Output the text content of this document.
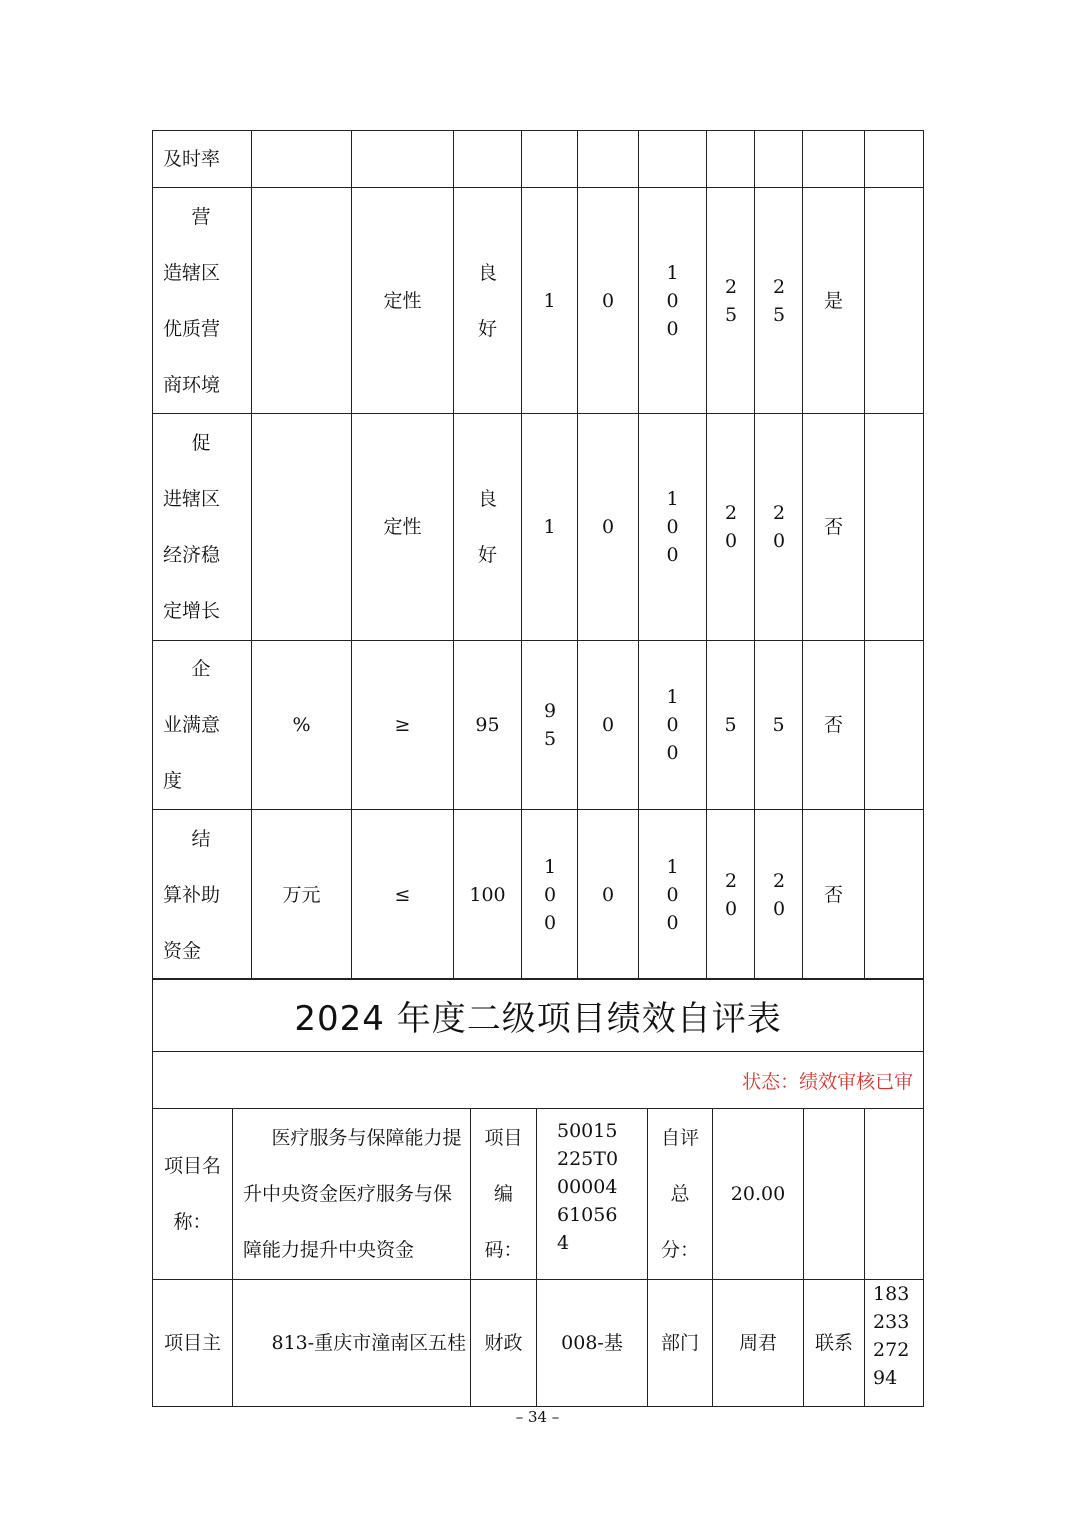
及时率										

营造辖区优质营商环境		定性	良好	1	0	100	25	25	是	

促进辖区经济稳定增长		定性	良好	1	0	100	20	20	否	

企业满意度	%	≥	95	95	0	100	5	5	否	

结算补助资金	万元	≤	100	100	0	100	20	20	否	
2024 年度二级项目绩效自评表							
状态：绩效审核已审							
项目名称：	医疗服务与保障能力提升中央资金医疗服务与保障能力提升中央资金	项目编码：	50015225T000004610564	自评总分：	20.00		
项目主	813-重庆市潼南区五桂	财政	008-基	部门	周君	联系	18323327294
– 34 –
